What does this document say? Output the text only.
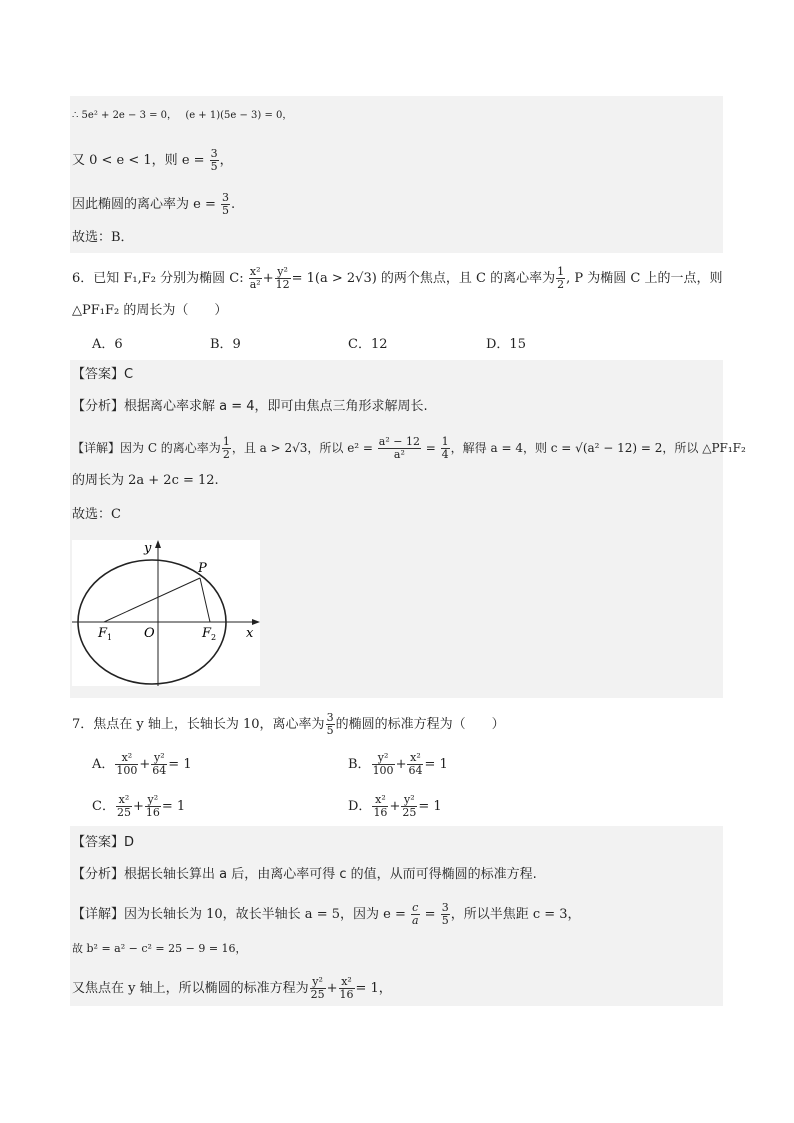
∴ 5e² + 2e − 3 = 0， (e + 1)(5e − 3) = 0，
又 0 < e < 1，则 $e = \frac{3}{5}$ ，
因此椭圆的离心率为 $e = \frac{3}{5}$ .
故选：B．
6．已知 F₁,F₂ 分别为椭圆 C: $\frac{\text{x²}}{\text{a²}} + \frac{\text{y²}}{12} = 1(a > 2√3)$ 的两个焦点，且 C 的离心率为 $\frac{1}{2}$ , P 为椭圆 C 上的一点，则
△PF₁F₂ 的周长为（　　）
A．6	B．9	C．12	D．15
【答案】C
【分析】根据离心率求解 a = 4，即可由焦点三角形求解周长.
【详解】因为 C 的离心率为 $\frac{1}{2}$ ，且 a > 2√3，所以 $e^2 = \frac{\text{a² − 12}}{\text{a²}} = \frac{1}{4}$ ，解得 a = 4，则 c = √(a² − 12) = 2，所以 △PF₁F₂
的周长为 2a + 2c = 12.
故选：C
y
P
F 1 O	F 2 x
7．焦点在 y 轴上，长轴长为 10，离心率为 $\frac{3}{5}$ 的椭圆的标准方程为（　　）
A． $\frac{\text{x²}}{100} + \frac{\text{y²}}{64} = 1$	B． $\frac{\text{y²}}{100} + \frac{\text{x²}}{64} = 1$
C． $\frac{\text{x²}}{25} + \frac{\text{y²}}{16} = 1$	D． $\frac{\text{x²}}{16} + \frac{\text{y²}}{25} = 1$
【答案】D
【分析】根据长轴长算出 a 后，由离心率可得 c 的值，从而可得椭圆的标准方程.
【详解】因为长轴长为 10，故长半轴长 a = 5，因为 $e = \frac{c}{a} = \frac{3}{5}$ ，所以半焦距 c = 3，
故 b² = a² − c² = 25 − 9 = 16，
又焦点在 y 轴上，所以椭圆的标准方程为 $\frac{\text{y²}}{25} + \frac{\text{x²}}{16} = 1$，
